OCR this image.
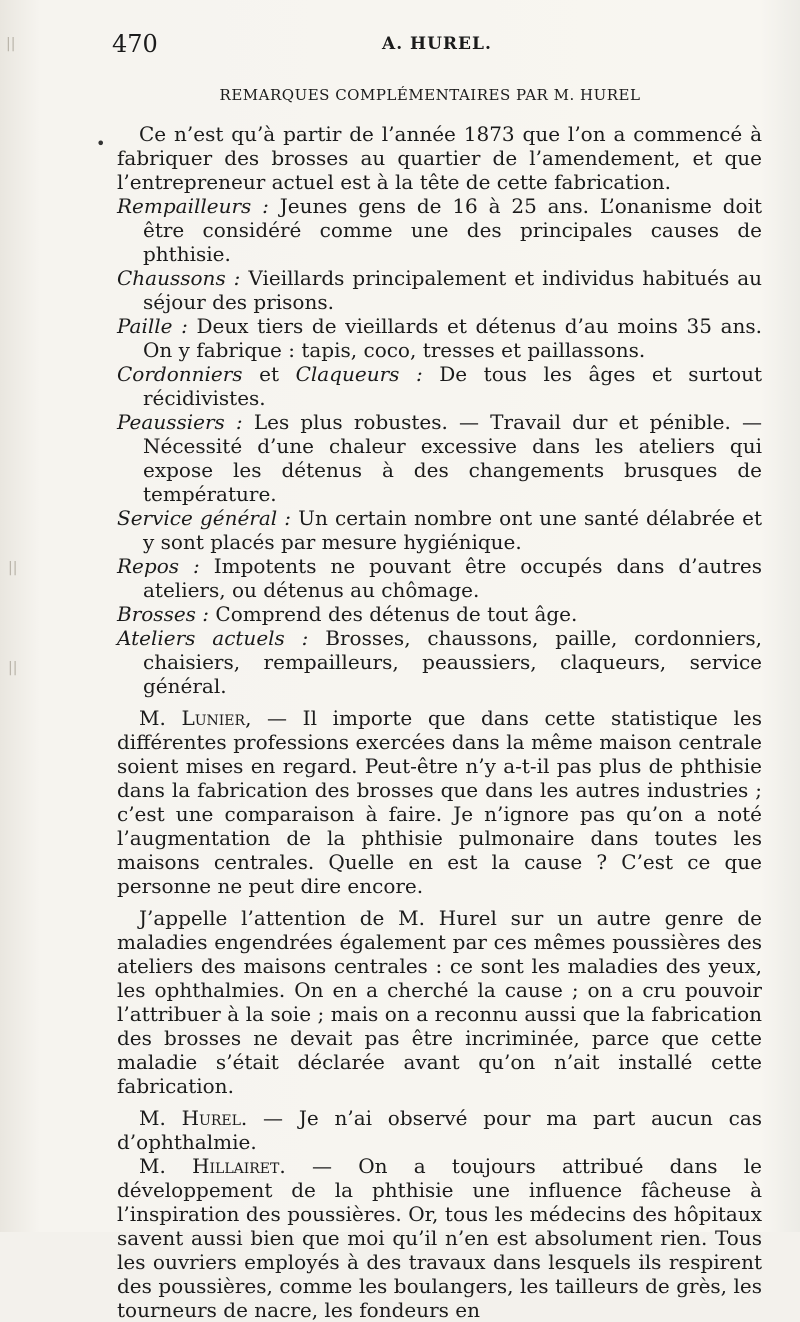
||
||
||
470	A. HUREL.
REMARQUES COMPLÉMENTAIRES PAR M. HUREL
•	Ce n’est qu’à partir de l’année 1873 que l’on a commencé à fabriquer des brosses au quartier de l’amendement, et que l’entrepreneur actuel est à la tête de cette fabrication.

Rempailleurs : Jeunes gens de 16 à 25 ans. L’onanisme doit être considéré comme une des principales causes de phthisie.

Chaussons : Vieillards principalement et individus habitués au séjour des prisons.

Paille : Deux tiers de vieillards et détenus d’au moins 35 ans. On y fabrique : tapis, coco, tresses et paillassons.

Cordonniers et Claqueurs : De tous les âges et surtout récidivistes.

Peaussiers : Les plus robustes. — Travail dur et pénible. — Nécessité d’une chaleur excessive dans les ateliers qui expose les détenus à des changements brusques de température.

Service général : Un certain nombre ont une santé délabrée et y sont placés par mesure hygiénique.

Repos : Impotents ne pouvant être occupés dans d’autres ateliers, ou détenus au chômage.

Brosses : Comprend des détenus de tout âge.

Ateliers actuels : Brosses, chaussons, paille, cordonniers, chaisiers, rempailleurs, peaussiers, claqueurs, service général.

M. Lunier, — Il importe que dans cette statistique les différentes professions exercées dans la même maison centrale soient mises en regard. Peut-être n’y a-t-il pas plus de phthisie dans la fabrication des brosses que dans les autres industries ; c’est une comparaison à faire. Je n’ignore pas qu’on a noté l’augmentation de la phthisie pulmonaire dans toutes les maisons centrales. Quelle en est la cause ? C’est ce que personne ne peut dire encore.

J’appelle l’attention de M. Hurel sur un autre genre de maladies engendrées également par ces mêmes poussières des ateliers des maisons centrales : ce sont les maladies des yeux, les ophthalmies. On en a cherché la cause ; on a cru pouvoir l’attribuer à la soie ; mais on a reconnu aussi que la fabrication des brosses ne devait pas être incriminée, parce que cette maladie s’était déclarée avant qu’on n’ait installé cette fabrication.

M. Hurel. — Je n’ai observé pour ma part aucun cas d’ophthalmie.

M. Hillairet. — On a toujours attribué dans le développement de la phthisie une influence fâcheuse à l’inspiration des poussières. Or, tous les médecins des hôpitaux savent aussi bien que moi qu’il n’en est absolument rien. Tous les ouvriers employés à des travaux dans lesquels ils respirent des poussières, comme les boulangers, les tailleurs de grès, les tourneurs de nacre, les fondeurs en
